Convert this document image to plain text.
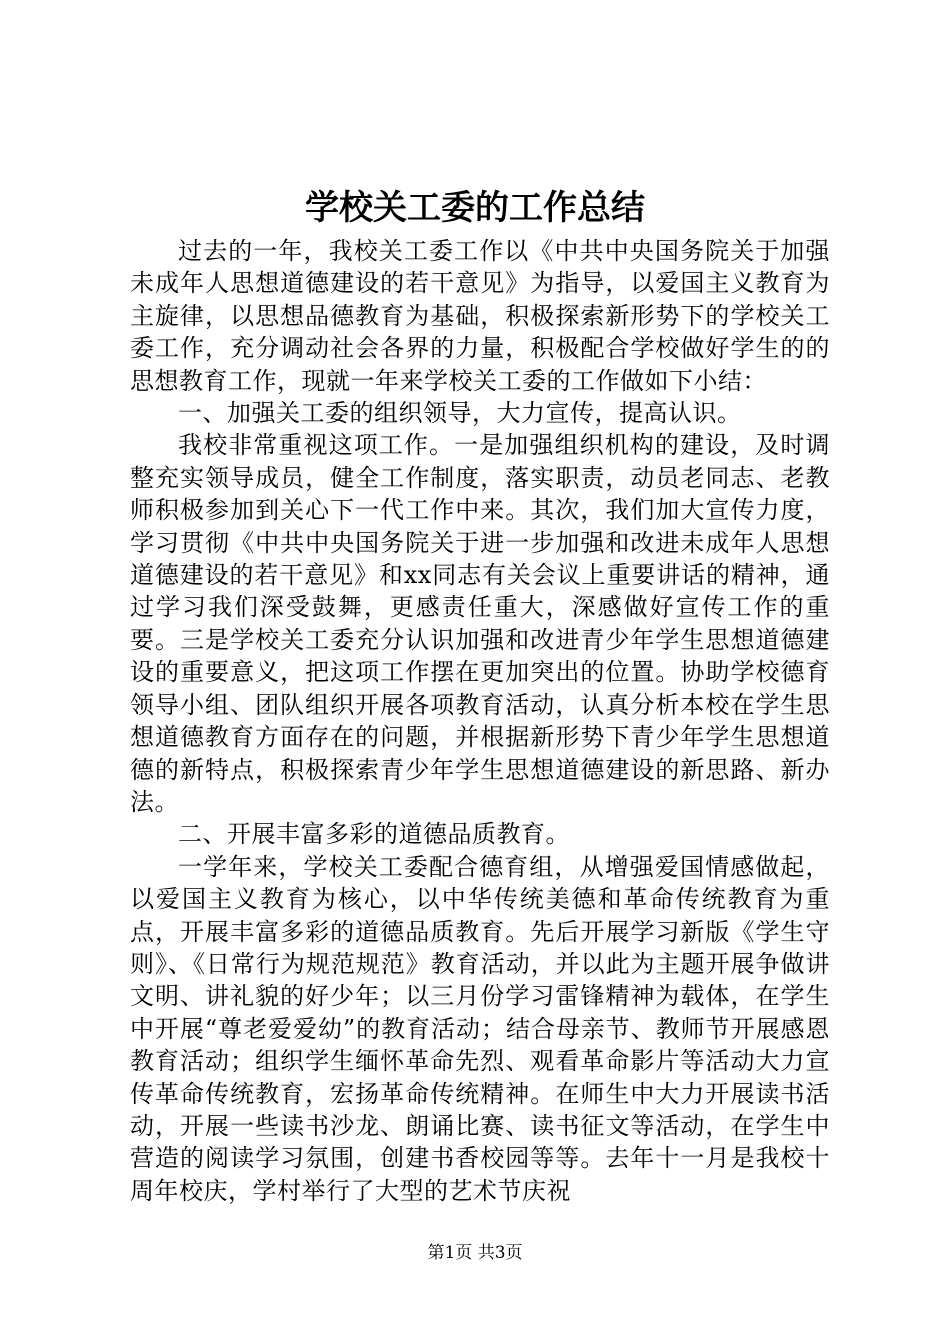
学校关工委的工作总结

过去的一年，我校关工委工作以《中共中央国务院关于加强未成年人思想道德建设的若干意见》为指导，以爱国主义教育为主旋律，以思想品德教育为基础，积极探索新形势下的学校关工委工作，充分调动社会各界的力量，积极配合学校做好学生的的思想教育工作，现就一年来学校关工委的工作做如下小结：

一、加强关工委的组织领导，大力宣传，提高认识。

我校非常重视这项工作。一是加强组织机构的建设，及时调整充实领导成员，健全工作制度，落实职责，动员老同志、老教师积极参加到关心下一代工作中来。其次，我们加大宣传力度，学习贯彻《中共中央国务院关于进一步加强和改进未成年人思想道德建设的若干意见》和xx同志有关会议上重要讲话的精神，通过学习我们深受鼓舞，更感责任重大，深感做好宣传工作的重要。三是学校关工委充分认识加强和改进青少年学生思想道德建设的重要意义，把这项工作摆在更加突出的位置。协助学校德育领导小组、团队组织开展各项教育活动，认真分析本校在学生思想道德教育方面存在的问题，并根据新形势下青少年学生思想道德的新特点，积极探索青少年学生思想道德建设的新思路、新办法。

二、开展丰富多彩的道德品质教育。

一学年来，学校关工委配合德育组，从增强爱国情感做起，以爱国主义教育为核心，以中华传统美德和革命传统教育为重点，开展丰富多彩的道德品质教育。先后开展学习新版《学生守则》、《日常行为规范规范》教育活动，并以此为主题开展争做讲文明、讲礼貌的好少年；以三月份学习雷锋精神为载体，在学生中开展“尊老爱爱幼”的教育活动；结合母亲节、教师节开展感恩教育活动；组织学生缅怀革命先烈、观看革命影片等活动大力宣传革命传统教育，宏扬革命传统精神。在师生中大力开展读书活动，开展一些读书沙龙、朗诵比赛、读书征文等活动，在学生中营造的阅读学习氛围，创建书香校园等等。去年十一月是我校十周年校庆，学村举行了大型的艺术节庆祝

第1页 共3页
